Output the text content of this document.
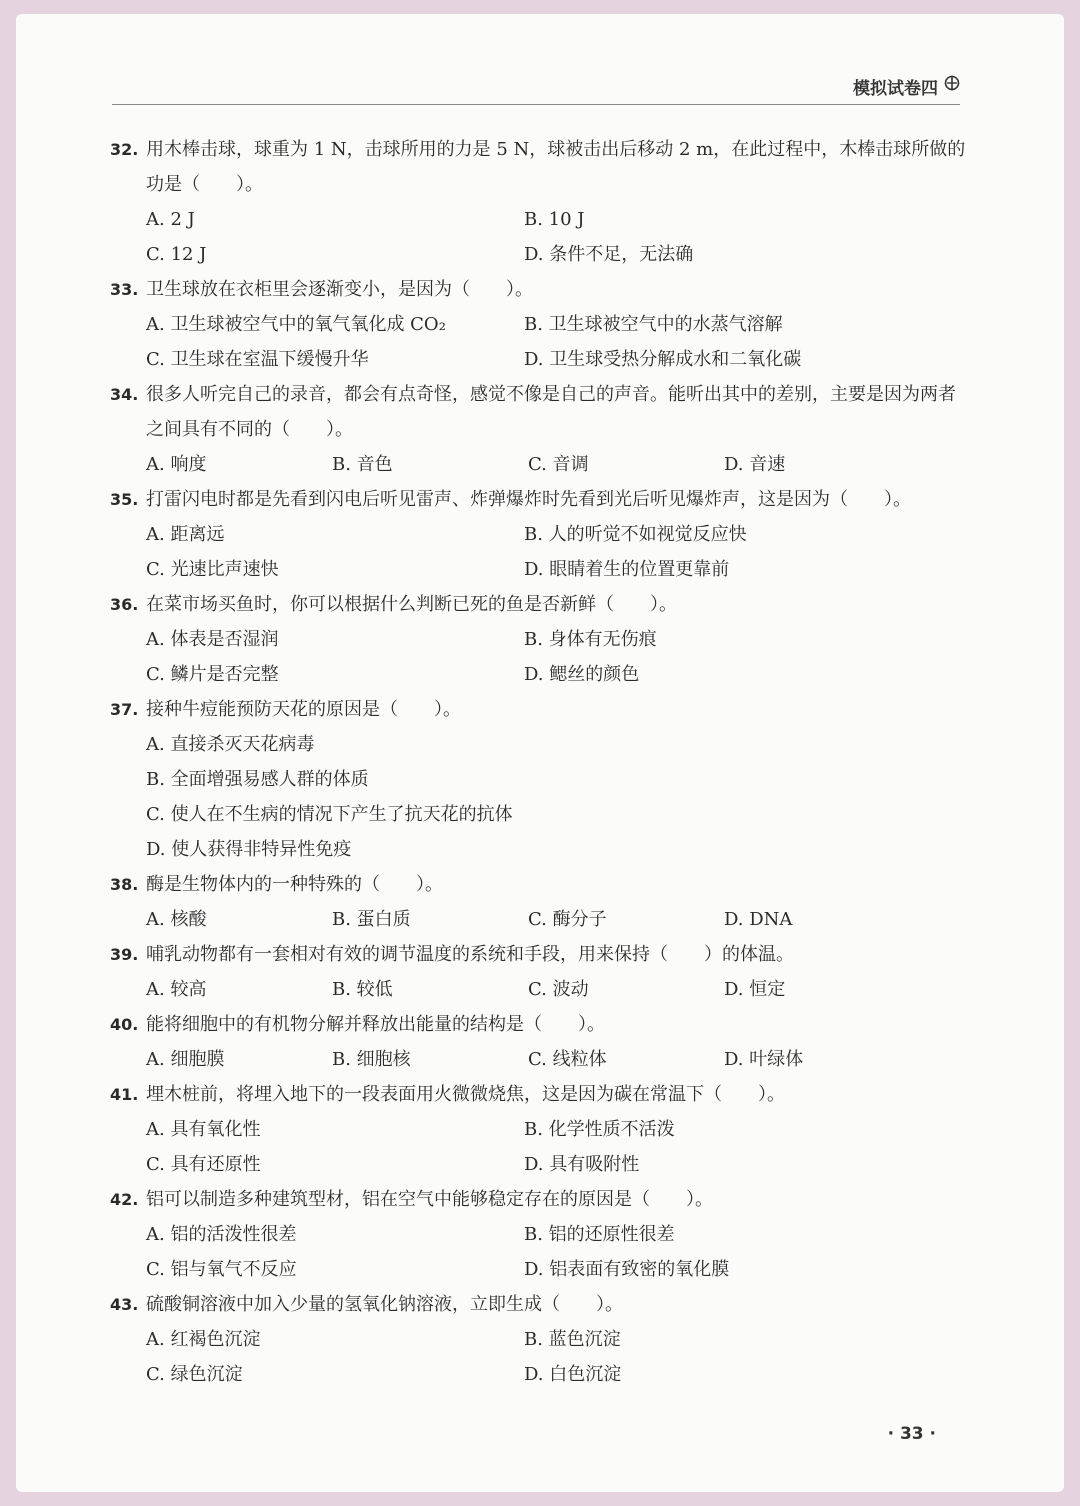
模拟试卷四
32. 用木棒击球，球重为 1 N，击球所用的力是 5 N，球被击出后移动 2 m，在此过程中，木棒击球所做的功是（　　）。
A. 2 J	B. 10 J
C. 12 J	D. 条件不足，无法确
33. 卫生球放在衣柜里会逐渐变小，是因为（　　）。
A. 卫生球被空气中的氧气氧化成 CO₂	B. 卫生球被空气中的水蒸气溶解
C. 卫生球在室温下缓慢升华	D. 卫生球受热分解成水和二氧化碳
34. 很多人听完自己的录音，都会有点奇怪，感觉不像是自己的声音。能听出其中的差别，主要是因为两者之间具有不同的（　　）。
A. 响度	B. 音色	C. 音调	D. 音速
35. 打雷闪电时都是先看到闪电后听见雷声、炸弹爆炸时先看到光后听见爆炸声，这是因为（　　）。
A. 距离远	B. 人的听觉不如视觉反应快
C. 光速比声速快	D. 眼睛着生的位置更靠前
36. 在菜市场买鱼时，你可以根据什么判断已死的鱼是否新鲜（　　）。
A. 体表是否湿润	B. 身体有无伤痕
C. 鳞片是否完整	D. 鳃丝的颜色
37. 接种牛痘能预防天花的原因是（　　）。
A. 直接杀灭天花病毒
B. 全面增强易感人群的体质
C. 使人在不生病的情况下产生了抗天花的抗体
D. 使人获得非特异性免疫
38. 酶是生物体内的一种特殊的（　　）。
A. 核酸	B. 蛋白质	C. 酶分子	D. DNA
39. 哺乳动物都有一套相对有效的调节温度的系统和手段，用来保持（　　）的体温。
A. 较高	B. 较低	C. 波动	D. 恒定
40. 能将细胞中的有机物分解并释放出能量的结构是（　　）。
A. 细胞膜	B. 细胞核	C. 线粒体	D. 叶绿体
41. 埋木桩前，将埋入地下的一段表面用火微微烧焦，这是因为碳在常温下（　　）。
A. 具有氧化性	B. 化学性质不活泼
C. 具有还原性	D. 具有吸附性
42. 铝可以制造多种建筑型材，铝在空气中能够稳定存在的原因是（　　）。
A. 铝的活泼性很差	B. 铝的还原性很差
C. 铝与氧气不反应	D. 铝表面有致密的氧化膜
43. 硫酸铜溶液中加入少量的氢氧化钠溶液，立即生成（　　）。
A. 红褐色沉淀	B. 蓝色沉淀
C. 绿色沉淀	D. 白色沉淀
· 33 ·
